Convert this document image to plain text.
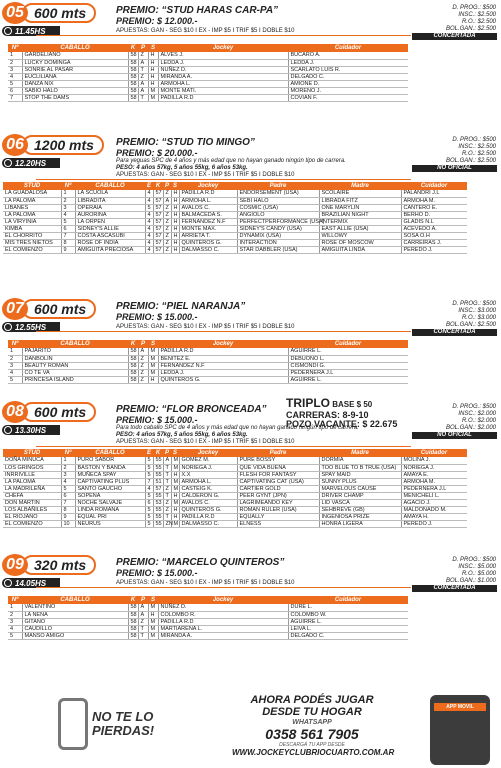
05 600 mts
11.45HS
PREMIO: “STUD HARAS CAR-PA”
PREMIO: $ 12.000.-
APUESTAS: GAN - SEG $10 I EX - IMP $5 I TRIF $5 I DOBLE $10
D. PROG.: $500
INSC.: $2.500
R.O.: $2.500
BOL.GAN.: $2.500
CONCERTADA
Nº	CABALLO	K	P	S	Jockey	Cuidador
1	GARDELIANO	58	Z	H	ALVES J.	BUCARO A.
2	LUCKY DOMINGA	58	A	H	LEDDA J.	LEDDA J.
3	SONRIE AL PASAR	58	T	H	NUÑEZ D.	SCARLATO LUIS R.
4	EUCLILIANA	58	Z	H	MIRANDA A.	DELGADO C.
5	DANZA NIX	58	A	H	ARMOHA L.	AMIONE D.
6	SABIO HALO	58	A	M	MONTE MATI.	MORENO J.
7	STOP THE DAMS	58	T	M	PADILLA R.D	COVIAN F.
06 1200 mts
12.20HS
PREMIO: “STUD TIO MINGO”
PREMIO: $ 20.000.-
Para yeguas SPC de 4 años y más edad que no hayan ganado ningún tipo de carrera.
PESO: 4 años 57kg, 5 años 55kg, 6 años 53kg.
APUESTAS: GAN - SEG $10 I EX - IMP $5 I TRIF $5 I DOBLE $10
D. PROG.: $500
INSC.: $2.500
R.O.: $2.500
BOL.GAN.: $2.500
NO OFICIAL
STUD	Nº	CABALLO	E	K	P	S	Jockey	Padre	Madre	Cuidador
LA GUADALOSA	1	LA SCUOLA	4	57	Z	H	PADILLA R.D	ENDORSEMENT (USA)	SCOLAIRE	PALANDRI J.L
LA PALOMA	2	LIBRADITA	4	57	A	H	ARMOHA L.	SEBI HALO	LIBRADA FITZ	ARMOHA M.
LIBANES	3	OPERAIA	5	57	Z	H	AVALOS C.	COSMIC (USA)	ONE MARYLIN	CANTERO E.
LA PALOMA	4	AURORINA	4	57	Z	H	BALMACEDA S.	ANGIOLO	BRAZILIAN NIGHT	BERHO D.
LA VIRYINIA	5	LA ORPEN	4	57	Z	H	FERNANDEZ N.F	PERFECTPERFORMANCE (USA)	INTERMIX	GLADIS N.L
KIMBA	6	SIDNEY'S ALLIE	4	57	Z	H	MONTE MAX.	SIDNEY'S CANDY (USA)	EAST ALLIE (USA)	ACEVEDO A.
EL CHORRITO	7	COSTA ASCASUBI	4	57	Z	H	ARRIETA T.	DYNAMIX (USA)	WILLOWY	SOSA O.H
MIS TRES NIETOS	8	ROSE OF INDIA	4	57	Z	H	QUINTEROS G.	INTERACTION	ROSE OF MOSCOW	CARREIRAS J.
EL COMIENZO	9	AMIGUITA PRECIOSA	4	57	Z	H	DALMASSO C.	STAR DABBLER (USA)	AMIGUITA LINDA	PEREDO J.
07 600 mts
12.55HS
PREMIO: “PIEL NARANJA”
PREMIO: $ 15.000.-
APUESTAS: GAN - SEG $10 I EX - IMP $5 I TRIF $5 I DOBLE $10
D. PROG.: $500
INSC.: $3.000
R.O.: $3.000
BOL.GAN.: $2.500
CONCERTADA
Nº	CABALLO	K	P	S	Jockey	Cuidador
1	PAJARITO	58	A	M	PADILLA R.D	AGUIRRE L.
2	DANBOLIN	58	Z	M	BENITEZ E.	DEBUONO L.
3	BEAUTY ROMAN	58	Z	M	FERNANDEZ N.F	CISMONDI G.
4	CO TE VA	58	Z	M	LEDDA J.	PEDERNERA J.L
5	PRINCESA ISLAND	58	Z	H	QUINTEROS G.	AGUIRRE L.
08 600 mts
13.30HS
PREMIO: “FLOR BRONCEADA”
PREMIO: $ 15.000.-
Para todo caballo SPC de 4 años y más edad que no hayan ganado ningún tipo de carrera.
PESO: 4 años 57kg, 5 años 55kg, 6 años 53kg.
TRIPLO BASE $ 50
CARRERAS: 8-9-10
POZO VACANTE: $ 22.675
APUESTAS: GAN - SEG $10 I EX - IMP $5 I TRIF $5 I DOBLE $10
D. PROG.: $500
INSC.: $2.000
R.O.: $2.000
BOL.GAN.: $2.000
NO OFICIAL
STUD	Nº	CABALLO	E	K	P	S	Jockey	Padre	Madre	Cuidador
DOÑA MINUCA	1	PURO SABOR	5	55	A	M	GOMEZ M.	PURE BOSSY	DORMIA	MOLINA J.
LOS GRINGOS	2	BASTON Y BANDA	5	55	T	M	NORIEGA J.	QUE VIDA BUENA	TOO BLUE TO B TRUE (USA)	NORIEGA J.
INRRIVILLE	3	MUÑECA SPAY	5	55	T	H	X.X	FLESH FOR FANTASY	SPAY MAID	AMAYA E.
LA PALOMA	4	CAPTIVATING PLUS	7	51	T	M	ARMOHA L.	CAPTIVATING CAT (USA)	SUNNY PLUS	ARMOHA M.
LA MADRILEÑA	5	SANTO GAUCHO	4	57	Z	M	CASTEIG K.	CARTIER GOLD	MARVELOUS CAUSE	PEDERNERA J.L
CHEFA	6	SOPENA	5	55	T	H	CALDERON G.	PEER GYNT (JPN)	DRIVER CHAMP	MENICHELI L.
DON MARTIN	7	NOCHE SALVAJE	6	53	Z	M	AVALOS C.	LAGRIMEANDO KEY	LID VASCA	AGACIO J.
LOS ALBAÑILES	8	LINDA ROMANA	5	55	Z	H	QUINTEROS G.	ROMAN RULER (USA)	SEHBREVE (GB)	MALDONADO M.
EL RIOJANO	9	EQUAL PRI	5	55	T	H	PADILLA R.D	EQUALLY	INGENIOSA PRIZE	AMAYA H.
EL COMIENZO	10	NEURUS	5	55	ZN	M	DALMASSO C.	ELNESS	HONRA LIGERA	PEREDO J.
09 320 mts
14.05HS
PREMIO: “MARCELO QUINTEROS”
PREMIO: $ 15.000.-
APUESTAS: GAN - SEG $10 I EX - IMP $5 I TRIF $5 I DOBLE $10
D. PROG.: $500
INSC.: $5.000
R.O.: $5.000
BOL.GAN.: $1.000
CONCERTADA
Nº	CABALLO	K	P	S	Jockey	Cuidador
1	VALENTINO	58	A	M	NUÑEZ D.	DURE L.
2	LA NENA	58	A	H	COLOMBO R.	COLOMBO W.
3	GITANO	58	Z	M	PADILLA R.D	AGUIRRE L.
4	CAUDILLO	58	T	M	MARTIARENA L.	LEIVA L.
5	MANSO AMIGO	58	T	M	MIRANDA A.	DELGADO C.
NO TE LO
PIERDAS!
AHORA PODÉS JUGAR
DESDE TU HOGAR
WHATSAPP
0358 561 7905
DESCARGÁ TU APP DESDE
WWW.JOCKEYCLUBRIOCUARTO.COM.AR
APP MOVIL
